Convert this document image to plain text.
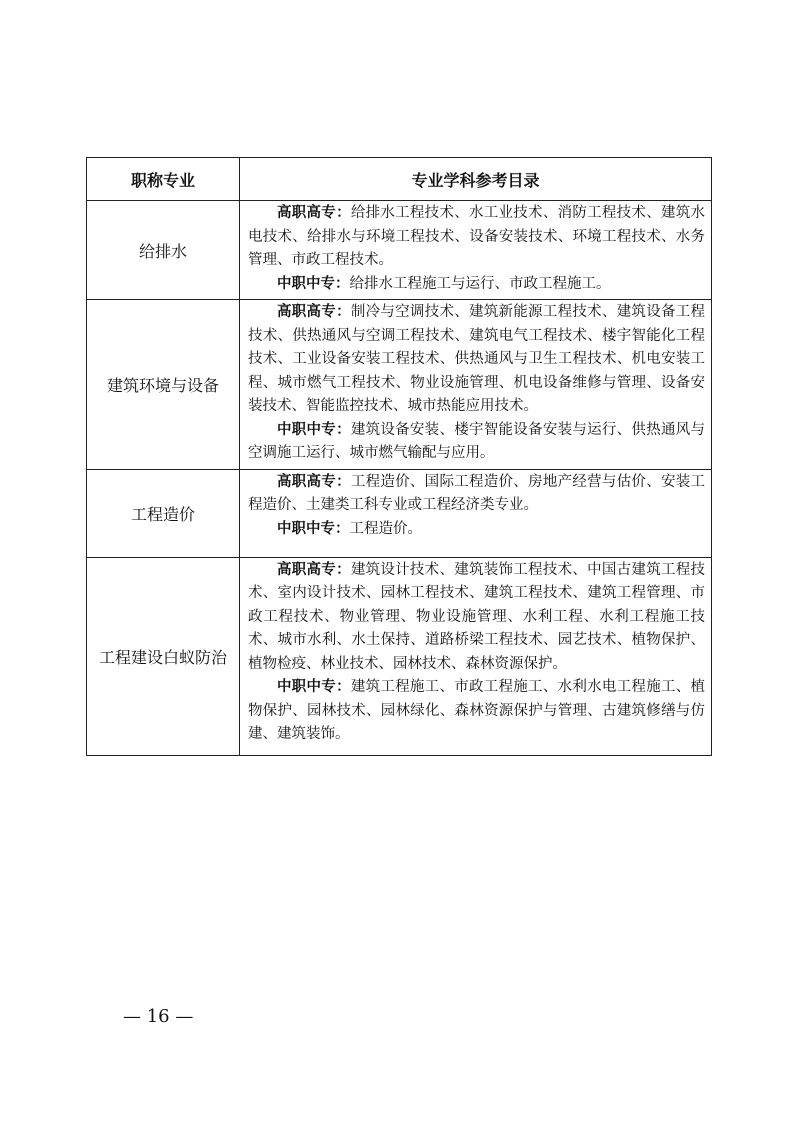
职称专业	专业学科参考目录
给排水	高职高专：给排水工程技术、水工业技术、消防工程技术、建筑水电技术、给排水与环境工程技术、设备安装技术、环境工程技术、水务管理、市政工程技术。

中职中专：给排水工程施工与运行、市政工程施工。

建筑环境与设备	高职高专：制冷与空调技术、建筑新能源工程技术、建筑设备工程技术、供热通风与空调工程技术、建筑电气工程技术、楼宇智能化工程技术、工业设备安装工程技术、供热通风与卫生工程技术、机电安装工程、城市燃气工程技术、物业设施管理、机电设备维修与管理、设备安装技术、智能监控技术、城市热能应用技术。

中职中专：建筑设备安装、楼宇智能设备安装与运行、供热通风与空调施工运行、城市燃气输配与应用。

工程造价	高职高专：工程造价、国际工程造价、房地产经营与估价、安装工程造价、土建类工科专业或工程经济类专业。

中职中专：工程造价。

工程建设白蚁防治	高职高专：建筑设计技术、建筑装饰工程技术、中国古建筑工程技术、室内设计技术、园林工程技术、建筑工程技术、建筑工程管理、市政工程技术、物业管理、物业设施管理、水利工程、水利工程施工技术、城市水利、水土保持、道路桥梁工程技术、园艺技术、植物保护、植物检疫、林业技术、园林技术、森林资源保护。

中职中专：建筑工程施工、市政工程施工、水利水电工程施工、植物保护、园林技术、园林绿化、森林资源保护与管理、古建筑修缮与仿建、建筑装饰。

— 16 —
